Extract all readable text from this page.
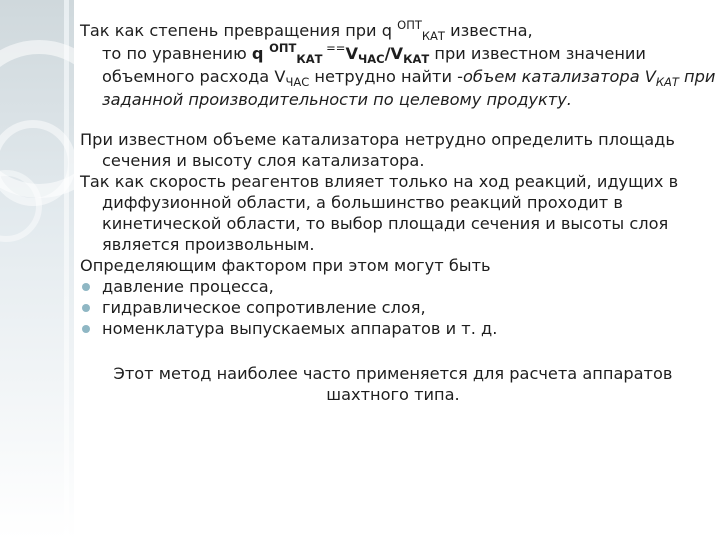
Так как степень превращения при q $^{ОПТ}_{КАТ}$ известна,
то по уравнению q $^{ОПТ}_{КАТ}$ $^{==}V_{ЧАС}/V_{КАТ}$ при известном значении объемного расхода $V_{ЧАС}$ нетрудно найти -объем катализатора $V_{КАТ}$ при заданной производительности по целевому продукту.

При известном объеме катализатора нетрудно определить площадь сечения и высоту слоя катализатора.

Так как скорость реагентов влияет только на ход реакций, идущих в диффузионной области, а большинство реакций проходит в кинетической области, то выбор площади сечения и высоты слоя является произвольным.

Определяющим фактором при этом могут быть

давление процесса,
гидравлическое сопротивление слоя,
номенклатура выпускаемых аппаратов и т. д.

Этот метод наиболее часто применяется для расчета аппаратов шахтного типа.
